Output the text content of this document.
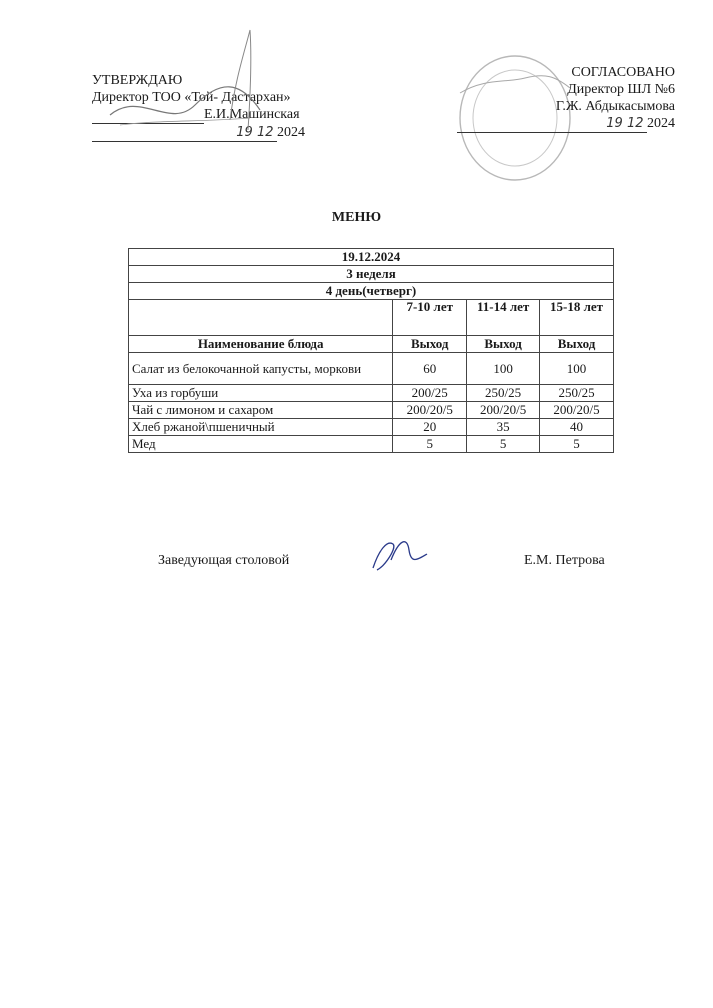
УТВЕРЖДАЮ
Директор ТОО «Той- Дастархан»
Е.И.Машинская
19 12 2024
СОГЛАСОВАНО
Директор ШЛ №6
Г.Ж. Абдыкасымова
19 12 2024
МЕНЮ
19.12.2024			
3 неделя			
4 день(четверг)			
	7-10 лет	11-14 лет	15-18 лет
Наименование блюда	Выход	Выход	Выход
Салат из белокочанной капусты, моркови	60	100	100
Уха из горбуши	200/25	250/25	250/25
Чай с лимоном и сахаром	200/20/5	200/20/5	200/20/5
Хлеб ржаной\пшеничный	20	35	40
Мед	5	5	5
Заведующая столовой	Е.М. Петрова
